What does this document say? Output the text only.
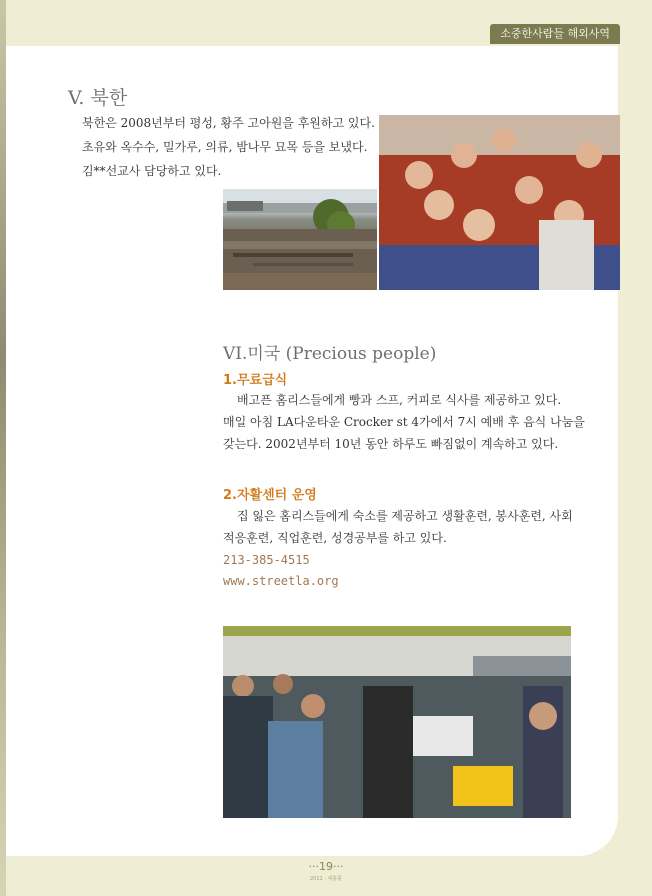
소중한사람들 해외사역
V. 북한
북한은 2008년부터 평성, 황주 고아원을 후원하고 있다.
초유와 옥수수, 밀가루, 의류, 밤나무 묘목 등을 보냈다.
김**선교사 담당하고 있다.
VI.미국 (Precious people)
1.무료급식
배고픈 홈리스들에게 빵과 스프, 커피로 식사를 제공하고 있다.
매일 아침 LA다운타운 Crocker st 4가에서 7시 예배 후 음식 나눔을
갖는다. 2002년부터 10년 동안 하루도 빠짐없이 계속하고 있다.
2.자활센터 운영
집 잃은 홈리스들에게 숙소를 제공하고 생활훈련, 봉사훈련, 사회
적응훈련, 직업훈련, 성경공부를 하고 있다.
213-385-4515
www.streetla.org
···19···
2011 · 세틀틀
